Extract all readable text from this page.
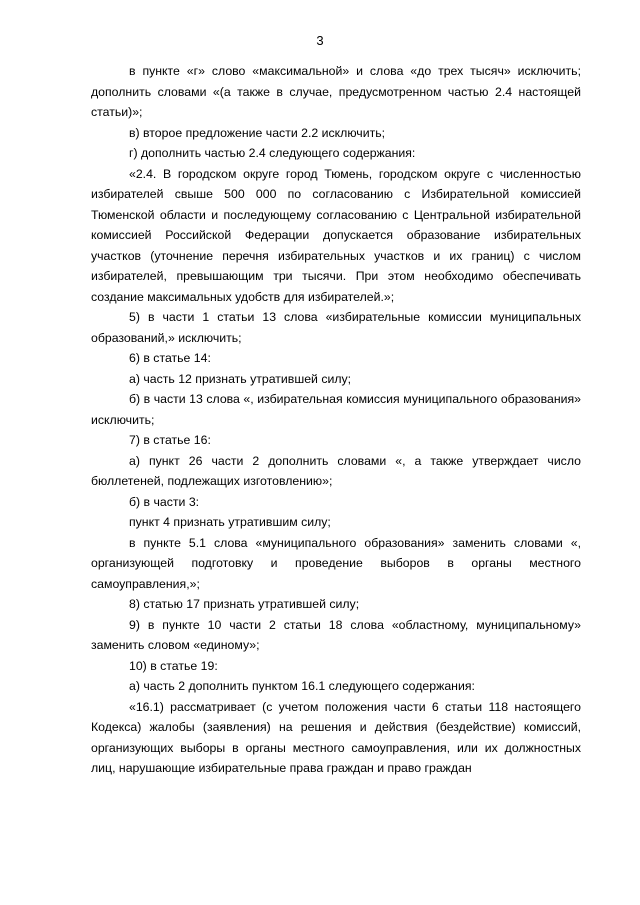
3

в пункте «г» слово «максимальной» и слова «до трех тысяч» исключить; дополнить словами «(а также в случае, предусмотренном частью 2.4 настоящей статьи)»;

в) второе предложение части 2.2 исключить;

г) дополнить частью 2.4 следующего содержания:

«2.4. В городском округе город Тюмень, городском округе с численностью избирателей свыше 500 000 по согласованию с Избирательной комиссией Тюменской области и последующему согласованию с Центральной избирательной комиссией Российской Федерации допускается образование избирательных участков (уточнение перечня избирательных участков и их границ) с числом избирателей, превышающим три тысячи. При этом необходимо обеспечивать создание максимальных удобств для избирателей.»;

5) в части 1 статьи 13 слова «избирательные комиссии муниципальных образований,» исключить;

6) в статье 14:

а) часть 12 признать утратившей силу;

б) в части 13 слова «, избирательная комиссия муниципального образования» исключить;

7) в статье 16:

а) пункт 26 части 2 дополнить словами «, а также утверждает число бюллетеней, подлежащих изготовлению»;

б) в части 3:

пункт 4 признать утратившим силу;

в пункте 5.1 слова «муниципального образования» заменить словами «, организующей подготовку и проведение выборов в органы местного самоуправления,»;

8) статью 17 признать утратившей силу;

9) в пункте 10 части 2 статьи 18 слова «областному, муниципальному» заменить словом «единому»;

10) в статье 19:

а) часть 2 дополнить пунктом 16.1 следующего содержания:

«16.1) рассматривает (с учетом положения части 6 статьи 118 настоящего Кодекса) жалобы (заявления) на решения и действия (бездействие) комиссий, организующих выборы в органы местного самоуправления, или их должностных лиц, нарушающие избирательные права граждан и право граждан
